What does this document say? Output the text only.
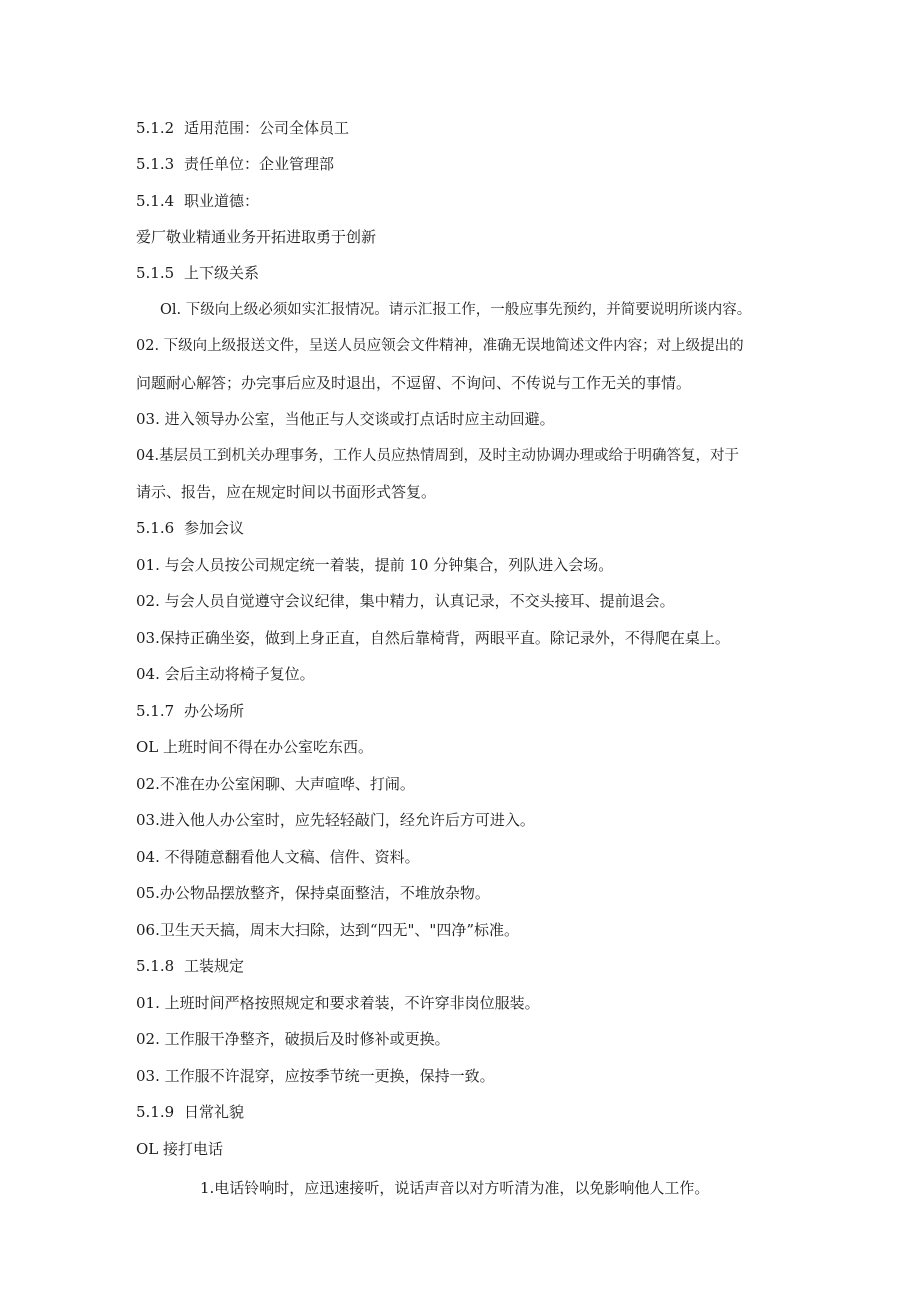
5.1.2 适用范围：公司全体员工
5.1.3 责任单位：企业管理部
5.1.4 职业道德：
爱厂敬业精通业务开拓进取勇于创新
5.1.5 上下级关系
Ol. 下级向上级必须如实汇报情况。请示汇报工作，一般应事先预约，并简要说明所谈内容。
02. 下级向上级报送文件，呈送人员应领会文件精神，准确无误地简述文件内容；对上级提出的
问题耐心解答；办完事后应及时退出，不逗留、不询问、不传说与工作无关的事情。
03. 进入领导办公室，当他正与人交谈或打点话时应主动回避。
04.基层员工到机关办理事务，工作人员应热情周到，及时主动协调办理或给于明确答复，对于
请示、报告，应在规定时间以书面形式答复。
5.1.6 参加会议
01. 与会人员按公司规定统一着装，提前 10 分钟集合，列队进入会场。
02. 与会人员自觉遵守会议纪律，集中精力，认真记录，不交头接耳、提前退会。
03.保持正确坐姿，做到上身正直，自然后靠椅背，两眼平直。除记录外，不得爬在桌上。
04. 会后主动将椅子复位。
5.1.7 办公场所
OL 上班时间不得在办公室吃东西。
02.不准在办公室闲聊、大声喧哗、打闹。
03.进入他人办公室时，应先轻轻敲门，经允许后方可进入。
04. 不得随意翻看他人文稿、信件、资料。
05.办公物品摆放整齐，保持桌面整洁，不堆放杂物。
06.卫生天天搞，周末大扫除，达到“四无"、"四净”标准。
5.1.8 工装规定
01. 上班时间严格按照规定和要求着装，不许穿非岗位服装。
02. 工作服干净整齐，破损后及时修补或更换。
03. 工作服不许混穿，应按季节统一更换，保持一致。
5.1.9 日常礼貌
OL 接打电话
1.电话铃响时，应迅速接听，说话声音以对方听清为准，以免影响他人工作。
